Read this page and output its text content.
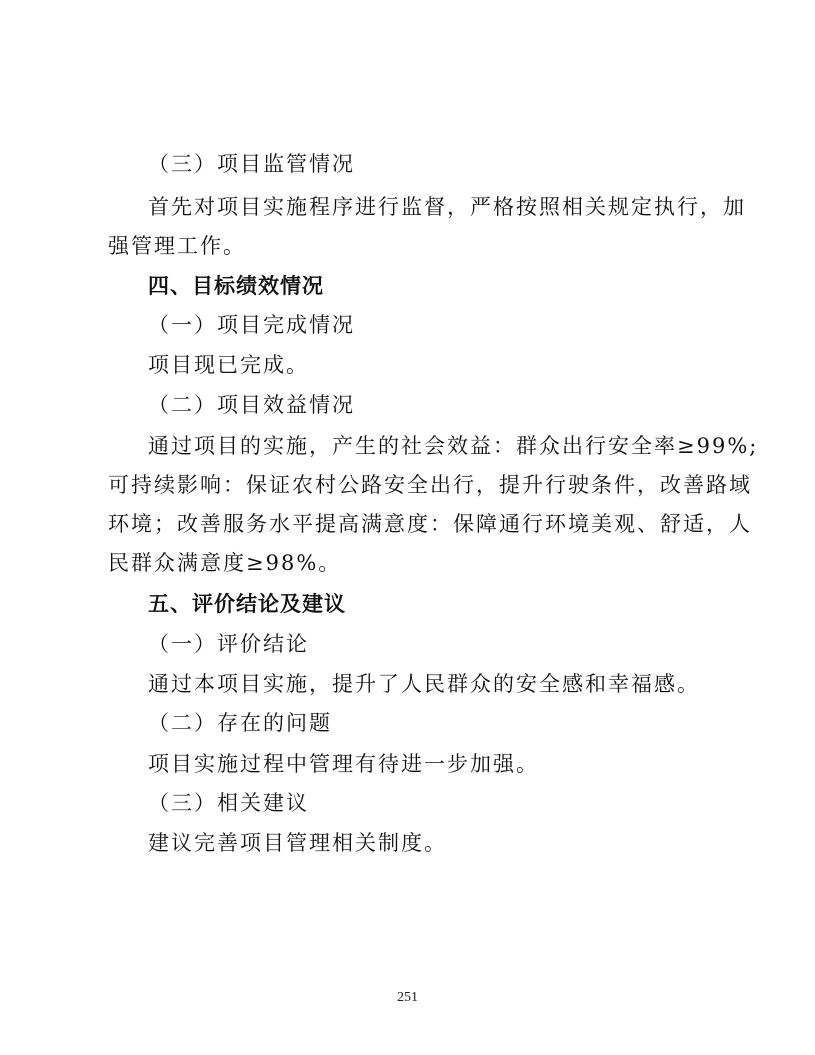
（三）项目监管情况
首先对项目实施程序进行监督，严格按照相关规定执行，加
强管理工作。
四、目标绩效情况
（一）项目完成情况
项目现已完成。
（二）项目效益情况
通过项目的实施，产生的社会效益：群众出行安全率≥99%;
可持续影响：保证农村公路安全出行，提升行驶条件，改善路域
环境；改善服务水平提高满意度：保障通行环境美观、舒适，人
民群众满意度≥98%。
五、评价结论及建议
（一）评价结论
通过本项目实施，提升了人民群众的安全感和幸福感。
（二）存在的问题
项目实施过程中管理有待进一步加强。
（三）相关建议
建议完善项目管理相关制度。
251
